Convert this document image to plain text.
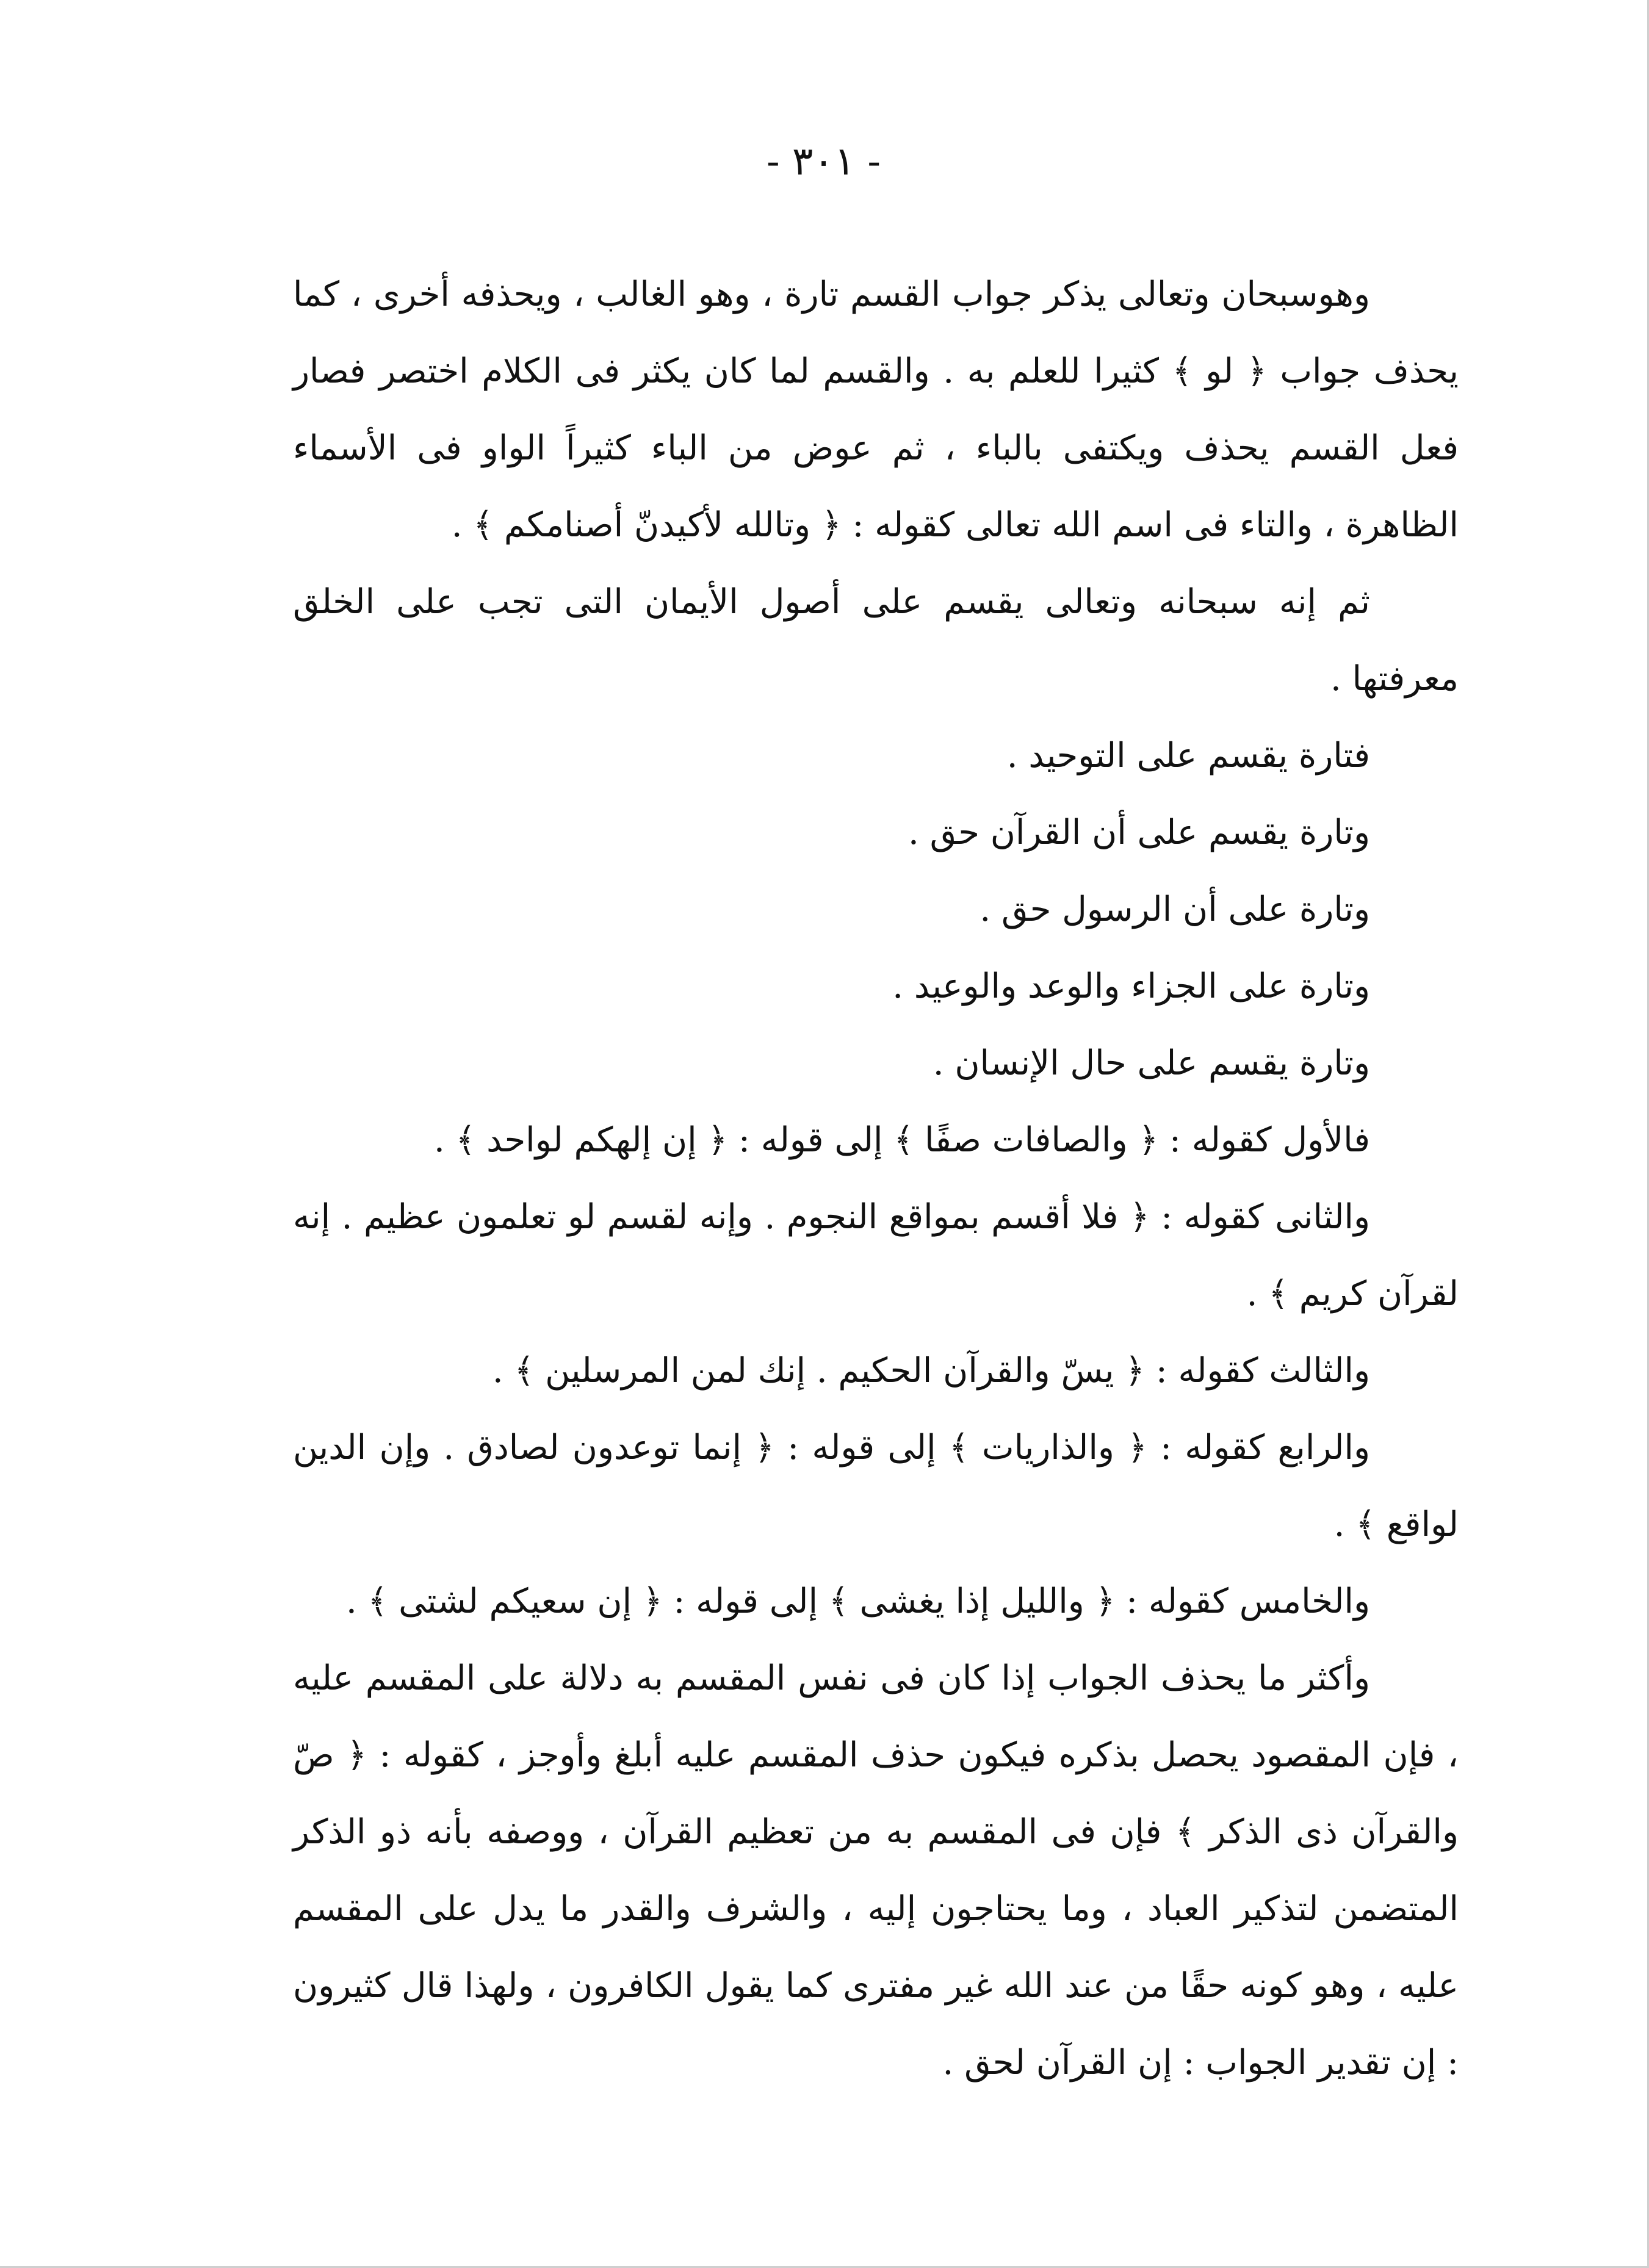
- ٣٠١ -

وهوسبحان وتعالى يذكر جواب القسم تارة ، وهو الغالب ، ويحذفه أخرى ، كما يحذف جواب ﴿ لو ﴾ كثيرا للعلم به . والقسم لما كان يكثر فى الكلام اختصر فصار فعل القسم يحذف ويكتفى بالباء ، ثم عوض من الباء كثيراً الواو فى الأسماء الظاهرة ، والتاء فى اسم الله تعالى كقوله : ﴿ وتالله لأكيدنّ أصنامكم ﴾ .

ثم إنه سبحانه وتعالى يقسم على أصول الأيمان التى تجب على الخلق معرفتها .

فتارة يقسم على التوحيد .

وتارة يقسم على أن القرآن حق .

وتارة على أن الرسول حق .

وتارة على الجزاء والوعد والوعيد .

وتارة يقسم على حال الإنسان .

فالأول كقوله : ﴿ والصافات صفًا ﴾ إلى قوله : ﴿ إن إلهكم لواحد ﴾ .

والثانى كقوله : ﴿ فلا أقسم بمواقع النجوم . وإنه لقسم لو تعلمون عظيم . إنه لقرآن كريم ﴾ .

والثالث كقوله : ﴿ يسّ والقرآن الحكيم . إنك لمن المرسلين ﴾ .

والرابع كقوله : ﴿ والذاريات ﴾ إلى قوله : ﴿ إنما توعدون لصادق . وإن الدين لواقع ﴾ .

والخامس كقوله : ﴿ والليل إذا يغشى ﴾ إلى قوله : ﴿ إن سعيكم لشتى ﴾ .

وأكثر ما يحذف الجواب إذا كان فى نفس المقسم به دلالة على المقسم عليه ، فإن المقصود يحصل بذكره فيكون حذف المقسم عليه أبلغ وأوجز ، كقوله : ﴿ صّ والقرآن ذى الذكر ﴾ فإن فى المقسم به من تعظيم القرآن ، ووصفه بأنه ذو الذكر المتضمن لتذكير العباد ، وما يحتاجون إليه ، والشرف والقدر ما يدل على المقسم عليه ، وهو كونه حقًا من عند الله غير مفترى كما يقول الكافرون ، ولهذا قال كثيرون : إن تقدير الجواب : إن القرآن لحق .
